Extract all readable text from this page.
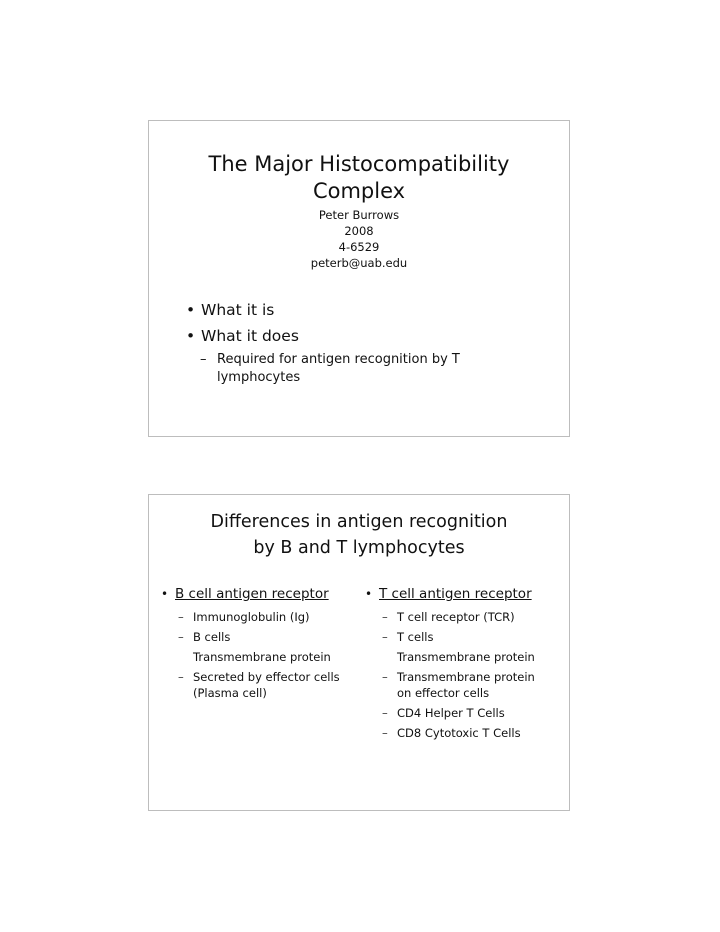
The Major Histocompatibility
Complex
Peter Burrows
2008
4-6529
peterb@uab.edu
• What it is
• What it does
– Required for antigen recognition by T
lymphocytes
Differences in antigen recognition
by B and T lymphocytes
• B cell antigen receptor
– Immunoglobulin (Ig)
– B cells
Transmembrane protein
– Secreted by effector cells
(Plasma cell)
• T cell antigen receptor
– T cell receptor (TCR)
– T cells
Transmembrane protein
– Transmembrane protein
on effector cells
– CD4 Helper T Cells
– CD8 Cytotoxic T Cells
